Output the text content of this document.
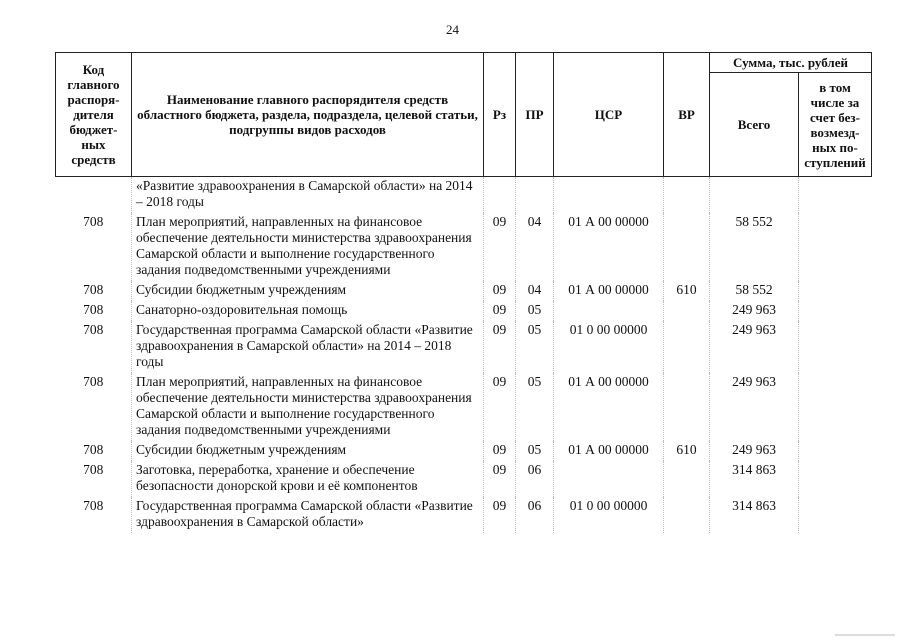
24
Код главного распоря-дителя бюджет-ных средств	Наименование главного распорядителя средств областного бюджета, раздела, подраздела, целевой статьи, подгруппы видов расходов	Рз	ПР	ЦСР	ВР	Сумма, тыс. рублей	
						Всего	в том числе за счет без-возмезд-ных по-ступлений
	«Развитие здравоохранения в Самарской области» на 2014 – 2018 годы						
708	План мероприятий, направленных на финансовое обеспечение деятельности министерства здравоохранения Самарской области и выполнение государственного задания подведомственными учреждениями	09	04	01 А 00 00000		58 552	
708	Субсидии бюджетным учреждениям	09	04	01 А 00 00000	610	58 552	
708	Санаторно-оздоровительная помощь	09	05			249 963	
708	Государственная программа Самарской области «Развитие здравоохранения в Самарской области» на 2014 – 2018 годы	09	05	01 0 00 00000		249 963	
708	План мероприятий, направленных на финансовое обеспечение деятельности министерства здравоохранения Самарской области и выполнение государственного задания подведомственными учреждениями	09	05	01 А 00 00000		249 963	
708	Субсидии бюджетным учреждениям	09	05	01 А 00 00000	610	249 963	
708	Заготовка, переработка, хранение и обеспечение безопасности донорской крови и её компонентов	09	06			314 863	
708	Государственная программа Самарской области «Развитие здравоохранения в Самарской области»	09	06	01 0 00 00000		314 863	
